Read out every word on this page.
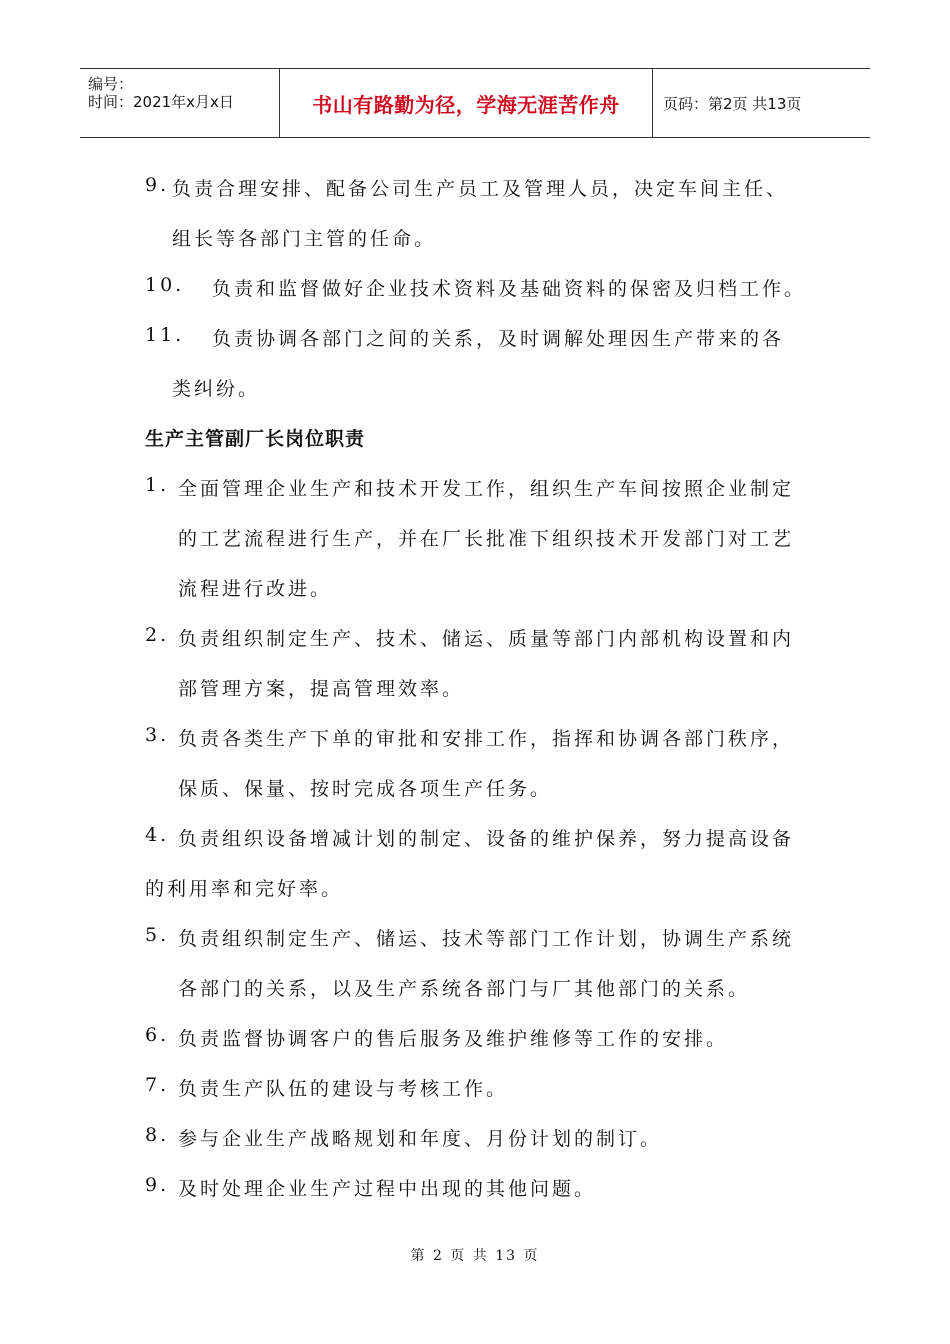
编号：
时间：2021年x月x日	书山有路勤为径，学海无涯苦作舟	页码：第2页 共13页
9. 负责合理安排、配备公司生产员工及管理人员，决定车间主任、
组长等各部门主管的任命。
10. 负责和监督做好企业技术资料及基础资料的保密及归档工作。
11. 负责协调各部门之间的关系，及时调解处理因生产带来的各
类纠纷。
生产主管副厂长岗位职责
1. 全面管理企业生产和技术开发工作，组织生产车间按照企业制定
的工艺流程进行生产，并在厂长批准下组织技术开发部门对工艺
流程进行改进。
2. 负责组织制定生产、技术、储运、质量等部门内部机构设置和内
部管理方案，提高管理效率。
3. 负责各类生产下单的审批和安排工作，指挥和协调各部门秩序，
保质、保量、按时完成各项生产任务。
4. 负责组织设备增减计划的制定、设备的维护保养，努力提高设备
的利用率和完好率。
5. 负责组织制定生产、储运、技术等部门工作计划，协调生产系统
各部门的关系，以及生产系统各部门与厂其他部门的关系。
6. 负责监督协调客户的售后服务及维护维修等工作的安排。
7. 负责生产队伍的建设与考核工作。
8. 参与企业生产战略规划和年度、月份计划的制订。
9. 及时处理企业生产过程中出现的其他问题。
第 2 页 共 13 页
